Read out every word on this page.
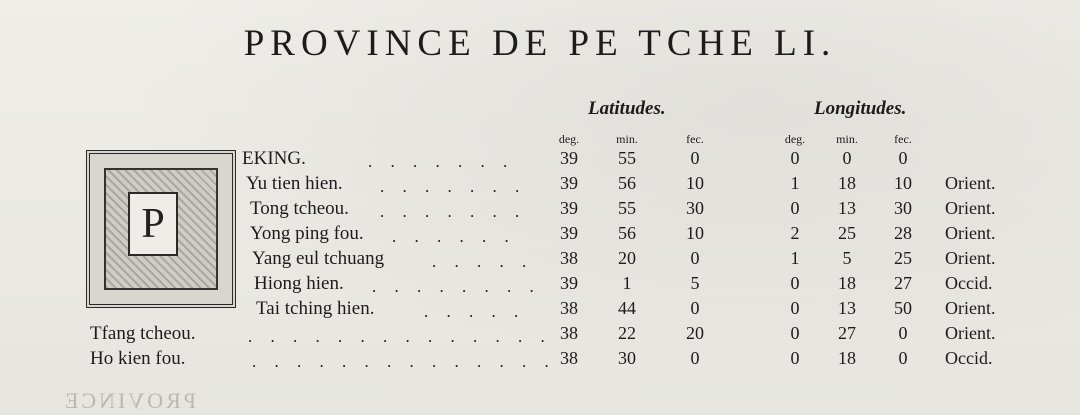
PROVINCE DE PE TCHE LI.
Latitudes.	Longitudes.
deg.	min.	fec.	deg.	min.	fec.
P
EKING.	. . . . . . .	39	55	0	0	0	0
Yu tien hien. . . . . . . .	39	56	10	1	18	10	Orient.
Tong tcheou. . . . . . . .	39	55	30	0	13	30	Orient.
Yong ping fou. . . . . . .	39	56	10	2	25	28	Orient.
Yang eul tchuang	. . . . .	38	20	0	1	5	25	Orient.
Hiong hien. . . . . . . . .	39	1	5	0	18	27	Occid.
Tai tching hien.	. . . . .	38	44	0	0	13	50	Orient.
Tfang tcheou.	. . . . . . . . . . . . . . 38	22	20	0	27	0	Orient.
Ho kien fou.	. . . . . . . . . . . . . . 38	30	0	0	18	0	Occid.
PROVINCE
